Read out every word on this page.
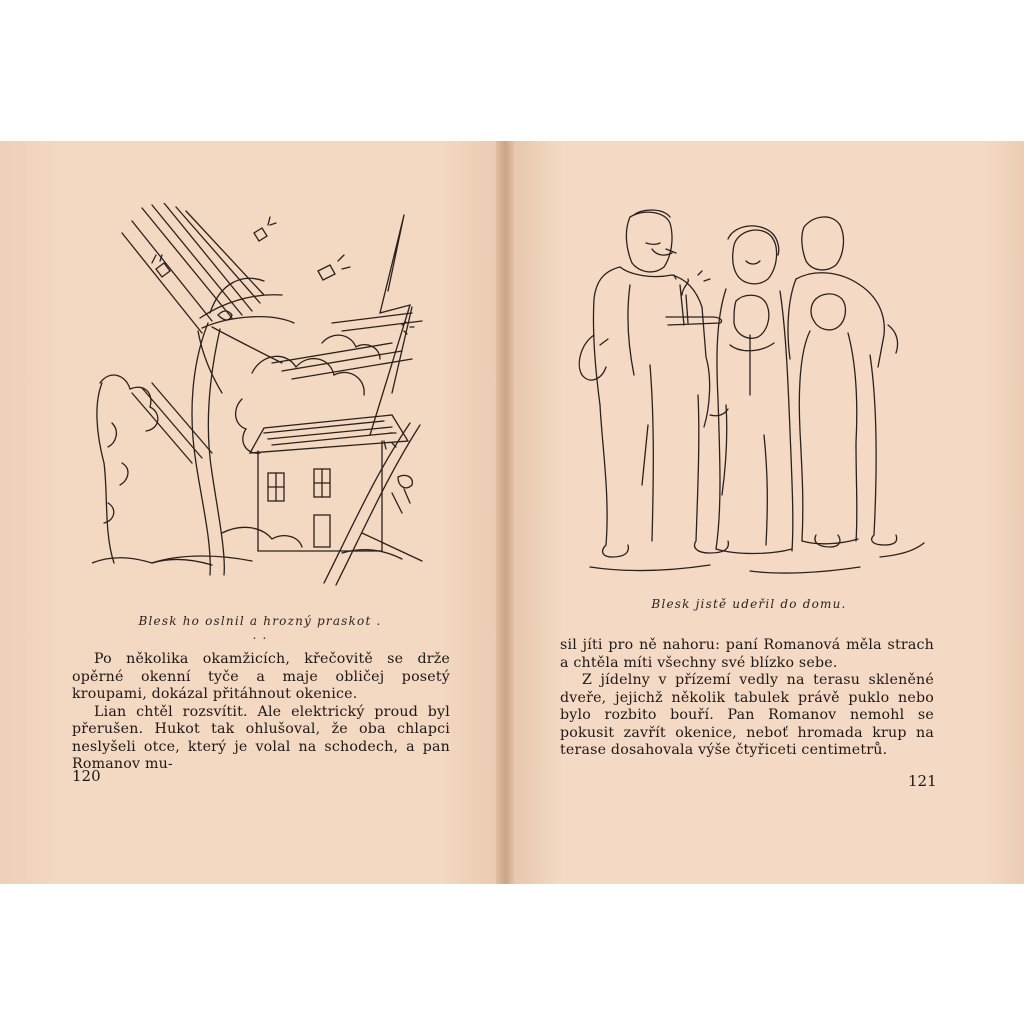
Blesk ho oslnil a hrozný praskot . . .

Po několika okamžicích, křečovitě se drže opěrné okenní tyče a maje obličej posetý kroupami, dokázal přitáhnout okenice.

Lian chtěl rozsvítit. Ale elektrický proud byl přerušen. Hukot tak ohlušoval, že oba chlapci neslyšeli otce, který je volal na schodech, a pan Romanov mu-

120
Blesk jistě udeřil do domu.

sil jíti pro ně nahoru: paní Romanová měla strach a chtěla míti všechny své blízko sebe.

Z jídelny v přízemí vedly na terasu skleněné dveře, jejichž několik tabulek právě puklo nebo bylo rozbito bouří. Pan Romanov nemohl se pokusit zavřít okenice, neboť hromada krup na terase dosahovala výše čtyřiceti centimetrů.

121
